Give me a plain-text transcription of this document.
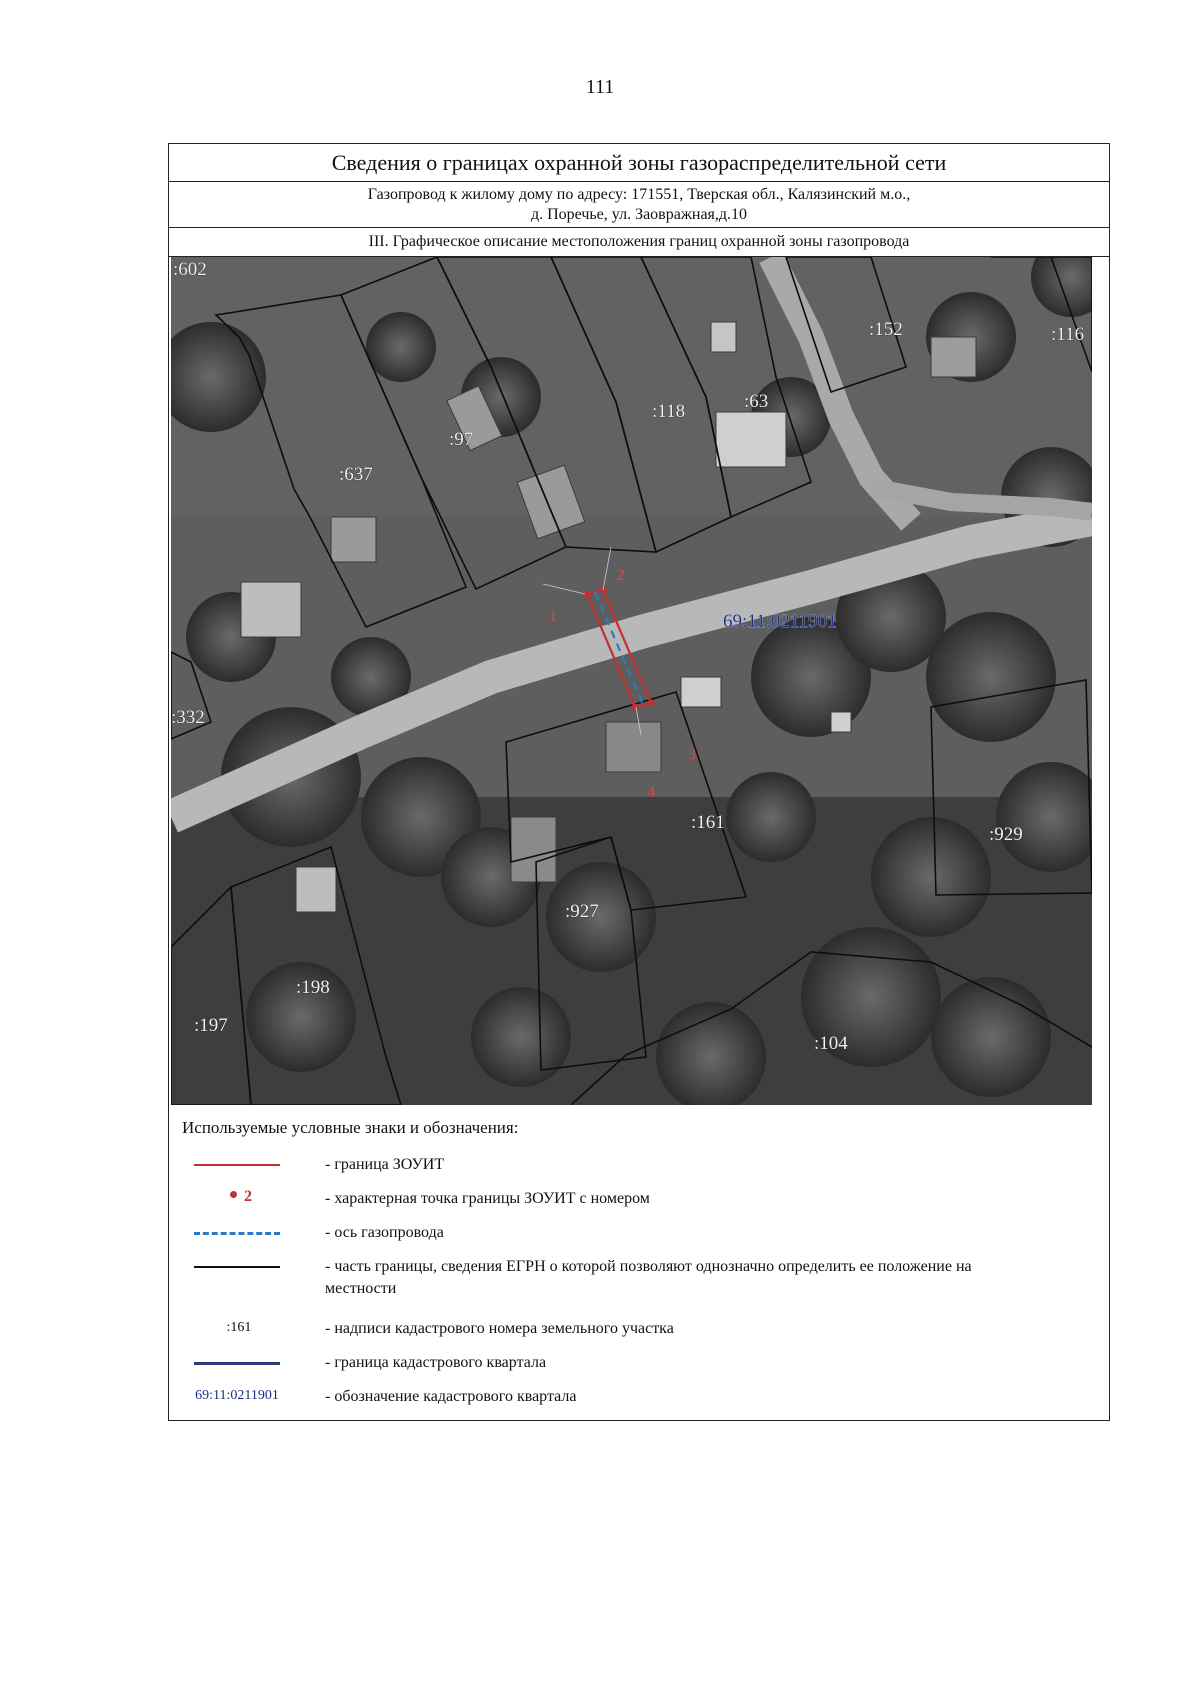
111
Сведения о границах охранной зоны газораспределительной сети
Газопровод к жилому дому по адресу: 171551, Тверская обл., Калязинский м.о.,
д. Поречье, ул. Заовражная,д.10
III. Графическое описание местоположения границ охранной зоны газопровода
:602
:637
:97
:118	:63
:152	:116
:332
:161
:929
:927
:198
:197
:104
1
2
3
4
69:11:0211901
Используемые условные знаки и обозначения:
- граница ЗОУИТ
2	- характерная точка границы ЗОУИТ с номером
- ось газопровода
- часть границы, сведения ЕГРН о которой позволяют однозначно определить ее положение на местности
:161	- надписи кадастрового номера земельного участка
- граница кадастрового квартала
69:11:0211901	- обозначение кадастрового квартала
